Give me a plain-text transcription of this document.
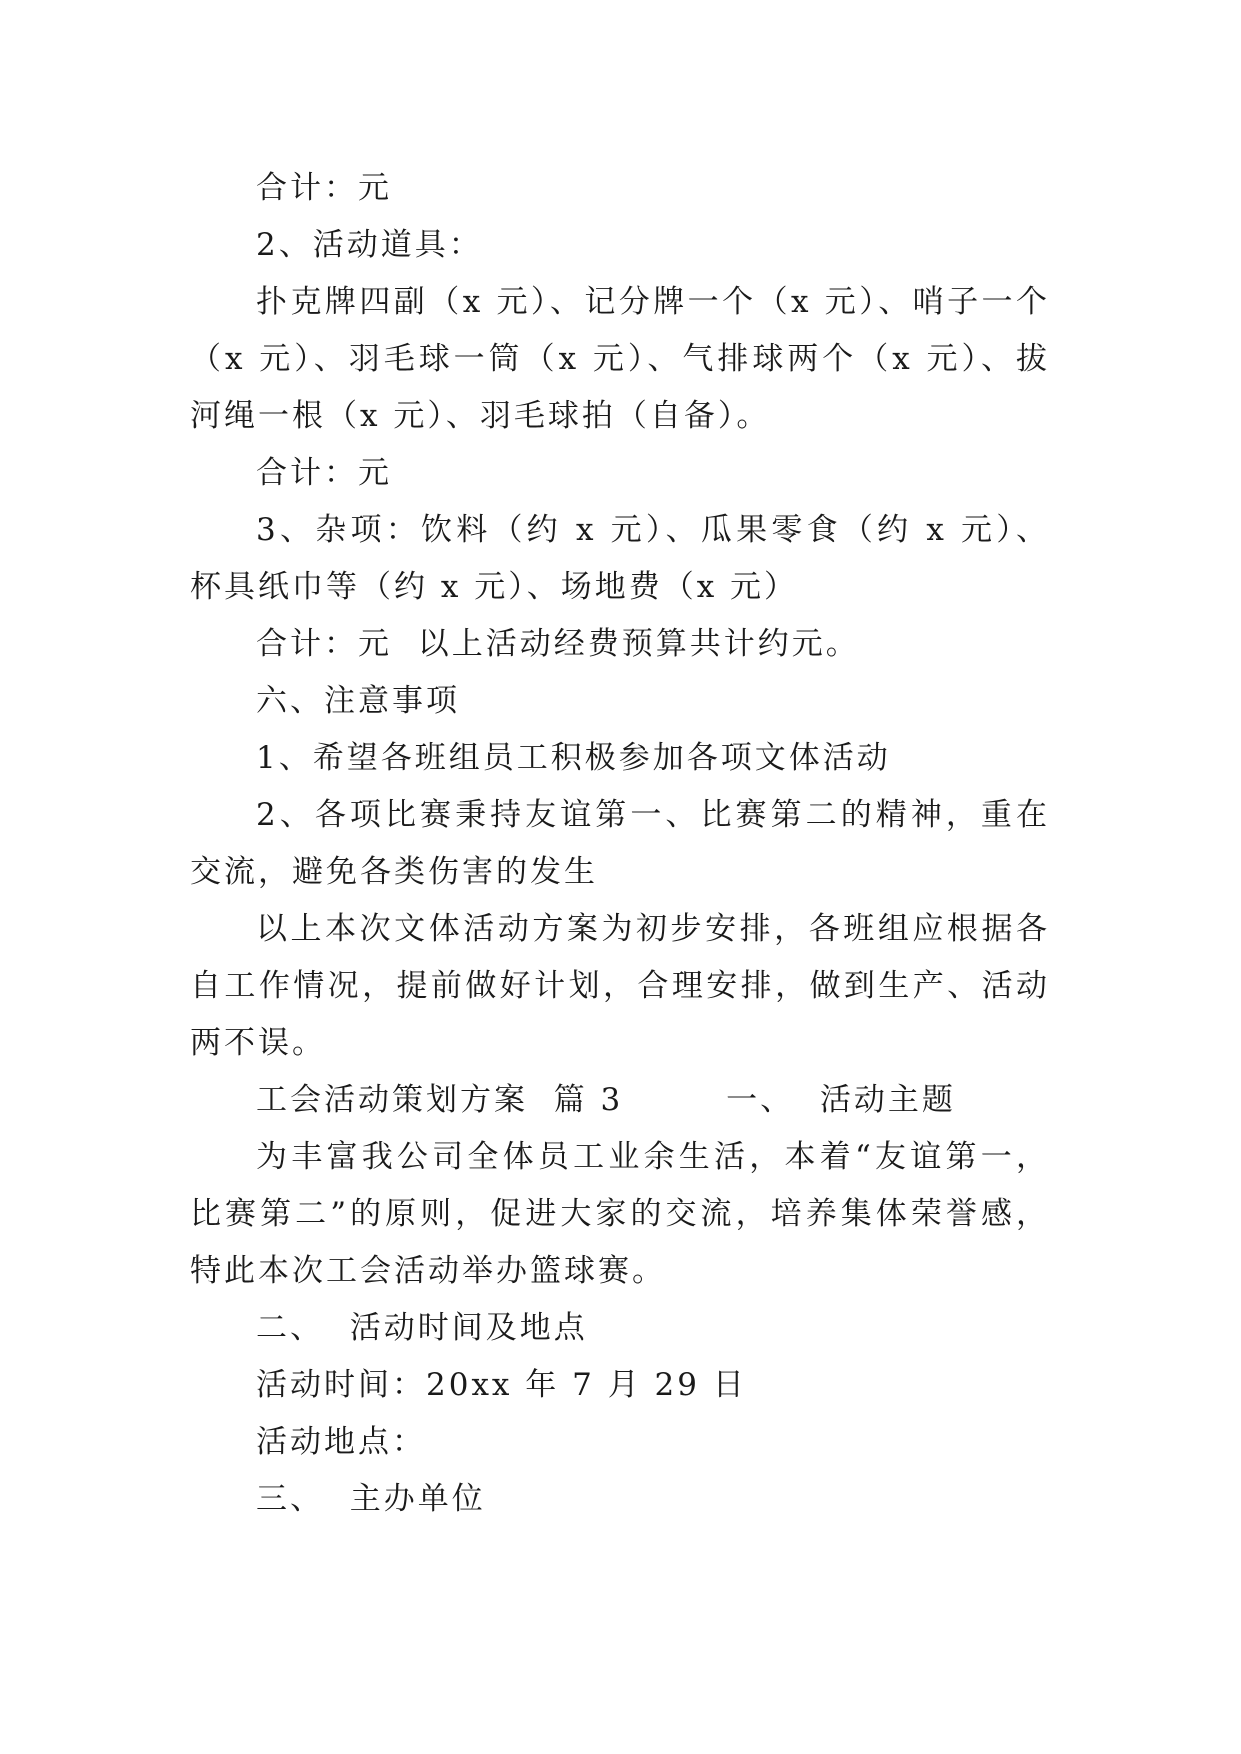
合计：元

2、活动道具：

扑克牌四副（x 元）、记分牌一个（x 元）、哨子一个（x 元）、羽毛球一筒（x 元）、气排球两个（x 元）、拔河绳一根（x 元）、羽毛球拍（自备）。

合计：元

3、杂项：饮料（约 x 元）、瓜果零食（约 x 元）、杯具纸巾等（约 x 元）、场地费（x 元）

合计：元  以上活动经费预算共计约元。

六、注意事项

1、希望各班组员工积极参加各项文体活动

2、各项比赛秉持友谊第一、比赛第二的精神，重在交流，避免各类伤害的发生

以上本次文体活动方案为初步安排，各班组应根据各自工作情况，提前做好计划，合理安排，做到生产、活动两不误。

工会活动策划方案  篇 3        一、  活动主题

为丰富我公司全体员工业余生活，本着“友谊第一，比赛第二”的原则，促进大家的交流，培养集体荣誉感，特此本次工会活动举办篮球赛。

二、  活动时间及地点

活动时间：20xx 年 7 月 29 日

活动地点：

三、  主办单位
